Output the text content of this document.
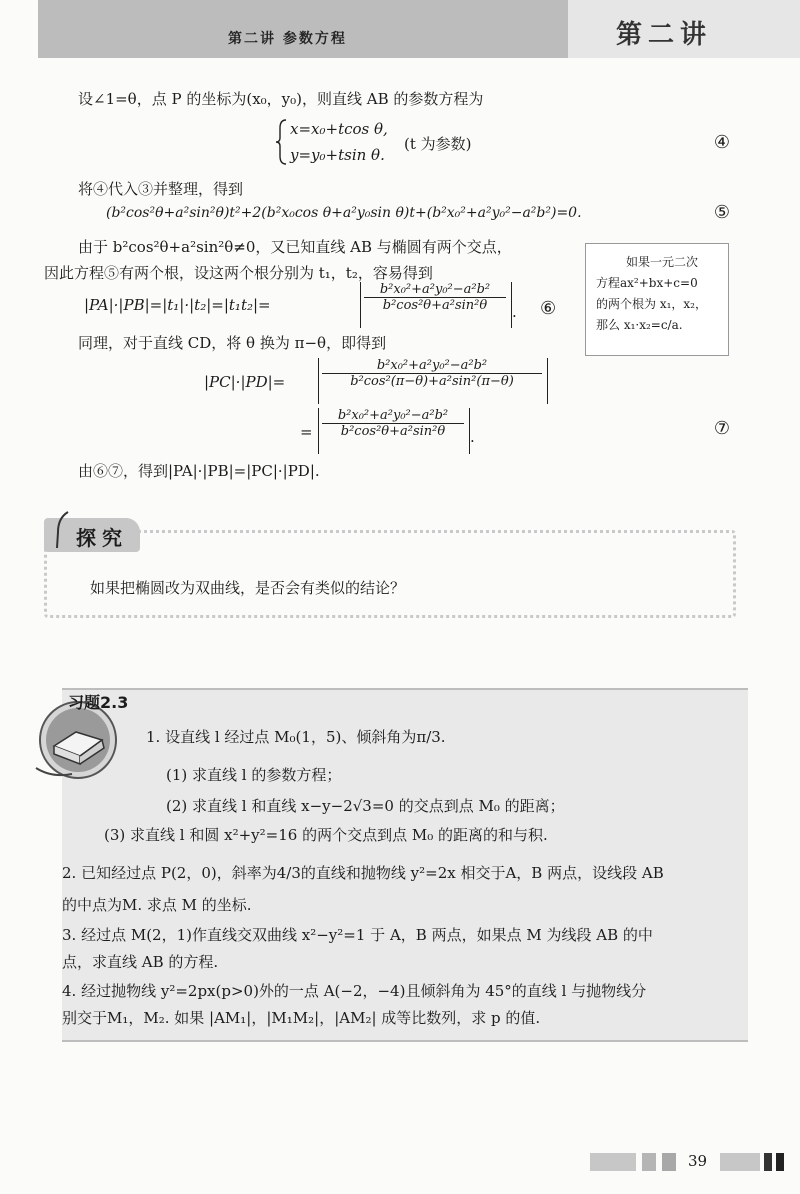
第二讲 参数方程	第二讲
设∠1=θ，点 P 的坐标为(x₀，y₀)，则直线 AB 的参数方程为
x=x₀+tcos θ,
y=y₀+tsin θ.
(t 为参数)	④
将④代入③并整理，得到
(b²cos²θ+a²sin²θ)t²+2(b²x₀cos θ+a²y₀sin θ)t+(b²x₀²+a²y₀²−a²b²)=0.	⑤
由于 b²cos²θ+a²sin²θ≠0，又已知直线 AB 与椭圆有两个交点，
因此方程⑤有两个根，设这两个根分别为 t₁，t₂，容易得到
|PA|·|PB|=|t₁|·|t₂|=|t₁t₂|=	$\frac{\text{b²x₀²+a²y₀²−a²b²}}{\text{b²cos²θ+a²sin²θ}}$ . ⑥
如果一元二次
方程ax²+bx+c=0
的两个根为 x₁，x₂，
那么 x₁·x₂=c/a.
同理，对于直线 CD，将 θ 换为 π−θ，即得到
|PC|·|PD|=	$\frac{\text{b²x₀²+a²y₀²−a²b²}}{\text{b²cos²(π−θ)+a²sin²(π−θ)}}$
= $\frac{\text{b²x₀²+a²y₀²−a²b²}}{\text{b²cos²θ+a²sin²θ}}$ .	⑦
由⑥⑦，得到|PA|·|PB|=|PC|·|PD|.
探究
如果把椭圆改为双曲线，是否会有类似的结论？
习题2.3
1. 设直线 l 经过点 M₀(1，5)、倾斜角为π/3.
(1) 求直线 l 的参数方程；
(2) 求直线 l 和直线 x−y−2√3=0 的交点到点 M₀ 的距离；
(3) 求直线 l 和圆 x²+y²=16 的两个交点到点 M₀ 的距离的和与积.
2. 已知经过点 P(2，0)，斜率为4/3的直线和抛物线 y²=2x 相交于A，B 两点，设线段 AB
的中点为M. 求点 M 的坐标.
3. 经过点 M(2，1)作直线交双曲线 x²−y²=1 于 A，B 两点，如果点 M 为线段 AB 的中
点，求直线 AB 的方程.
4. 经过抛物线 y²=2px(p>0)外的一点 A(−2，−4)且倾斜角为 45°的直线 l 与抛物线分
别交于M₁，M₂. 如果 |AM₁|，|M₁M₂|，|AM₂| 成等比数列，求 p 的值.
39
